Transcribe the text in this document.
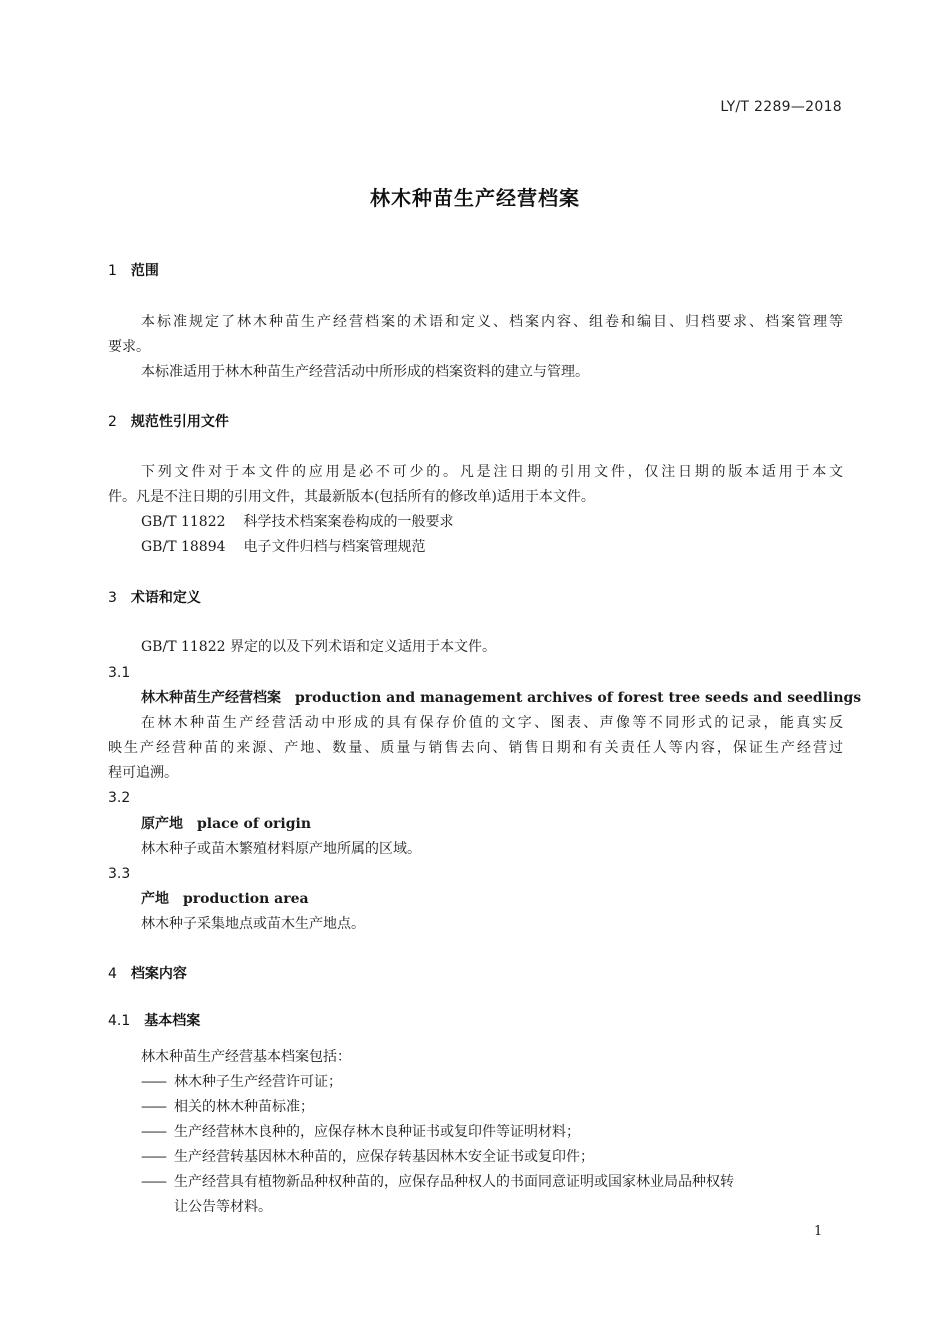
LY/T 2289—2018
林木种苗生产经营档案
1 范围
本标准规定了林木种苗生产经营档案的术语和定义、档案内容、组卷和编目、归档要求、档案管理等
要求。
本标准适用于林木种苗生产经营活动中所形成的档案资料的建立与管理。
2 规范性引用文件
下列文件对于本文件的应用是必不可少的。凡是注日期的引用文件，仅注日期的版本适用于本文
件。凡是不注日期的引用文件，其最新版本(包括所有的修改单)适用于本文件。
GB/T 11822 科学技术档案案卷构成的一般要求
GB/T 18894 电子文件归档与档案管理规范
3 术语和定义
GB/T 11822 界定的以及下列术语和定义适用于本文件。
3.1
林木种苗生产经营档案 production and management archives of forest tree seeds and seedlings
在林木种苗生产经营活动中形成的具有保存价值的文字、图表、声像等不同形式的记录，能真实反
映生产经营种苗的来源、产地、数量、质量与销售去向、销售日期和有关责任人等内容，保证生产经营过
程可追溯。
3.2
原产地 place of origin
林木种子或苗木繁殖材料原产地所属的区域。
3.3
产地 production area
林木种子采集地点或苗木生产地点。
4 档案内容
4.1 基本档案
林木种苗生产经营基本档案包括：
—— 林木种子生产经营许可证；
—— 相关的林木种苗标准；
—— 生产经营林木良种的，应保存林木良种证书或复印件等证明材料；
—— 生产经营转基因林木种苗的，应保存转基因林木安全证书或复印件；
—— 生产经营具有植物新品种权种苗的，应保存品种权人的书面同意证明或国家林业局品种权转
让公告等材料。
1
